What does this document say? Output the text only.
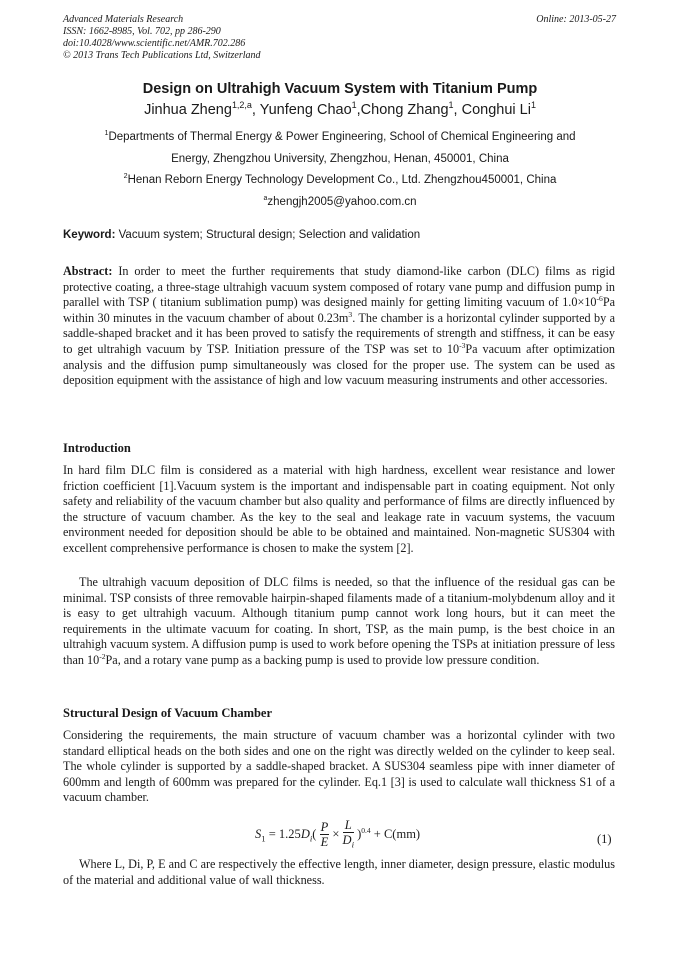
Advanced Materials Research
ISSN: 1662-8985, Vol. 702, pp 286-290
doi:10.4028/www.scientific.net/AMR.702.286
© 2013 Trans Tech Publications Ltd, Switzerland
Online: 2013-05-27
Design on Ultrahigh Vacuum System with Titanium Pump
Jinhua Zheng$^{1,2,a}$, Yunfeng Chao$^1$,Chong Zhang$^1$, Conghui Li$^1$
$^1$Departments of Thermal Energy & Power Engineering, School of Chemical Engineering and
Energy, Zhengzhou University, Zhengzhou, Henan, 450001, China
$^2$Henan Reborn Energy Technology Development Co., Ltd. Zhengzhou450001, China
$^a$zhengjh2005@yahoo.com.cn
Keyword: Vacuum system; Structural design; Selection and validation
Abstract: In order to meet the further requirements that study diamond-like carbon (DLC) films as rigid protective coating, a three-stage ultrahigh vacuum system composed of rotary vane pump and diffusion pump in parallel with TSP ( titanium sublimation pump) was designed mainly for getting limiting vacuum of $1.0\times 10^{-6}Pa$ within 30 minutes in the vacuum chamber of about $0.23m^3$. The chamber is a horizontal cylinder supported by a saddle-shaped bracket and it has been proved to satisfy the requirements of strength and stiffness, it can be easy to get ultrahigh vacuum by TSP. Initiation pressure of the TSP was set to $10^{-3}Pa$ vacuum after optimization analysis and the diffusion pump simultaneously was closed for the proper use. The system can be used as deposition equipment with the assistance of high and low vacuum measuring instruments and other accessories.
Introduction
In hard film DLC film is considered as a material with high hardness, excellent wear resistance and lower friction coefficient [1].Vacuum system is the important and indispensable part in coating equipment. Not only safety and reliability of the vacuum chamber but also quality and performance of films are directly influenced by the structure of vacuum chamber. As the key to the seal and leakage rate in vacuum systems, the vacuum environment needed for deposition should be able to be obtained and maintained. Non-magnetic SUS304 with excellent comprehensive performance is chosen to make the system [2].
The ultrahigh vacuum deposition of DLC films is needed, so that the influence of the residual gas can be minimal. TSP consists of three removable hairpin-shaped filaments made of a titanium-molybdenum alloy and it is easy to get ultrahigh vacuum. Although titanium pump cannot work long hours, but it can meet the requirements in the ultimate vacuum for coating. In short, TSP, as the main pump, is the best choice in an ultrahigh vacuum system. A diffusion pump is used to work before opening the TSPs at initiation pressure of less than $10^{-2}Pa$, and a rotary vane pump as a backing pump is used to provide low pressure condition.
Structural Design of Vacuum Chamber
Considering the requirements, the main structure of vacuum chamber was a horizontal cylinder with two standard elliptical heads on the both sides and one on the right was directly welded on the cylinder to keep seal. The whole cylinder is supported by a saddle-shaped bracket. A SUS304 seamless pipe with inner diameter of 600mm and length of 600mm was prepared for the cylinder. Eq.1 [3] is used to calculate wall thickness S1 of a vacuum chamber.
$S_1 = 1.25D_i( \frac{P}{E} \times \frac{L}{D_i} )^{0.4} + C(mm)$	(1)
Where L, Di, P, E and C are respectively the effective length, inner diameter, design pressure, elastic modulus of the material and additional value of wall thickness.
